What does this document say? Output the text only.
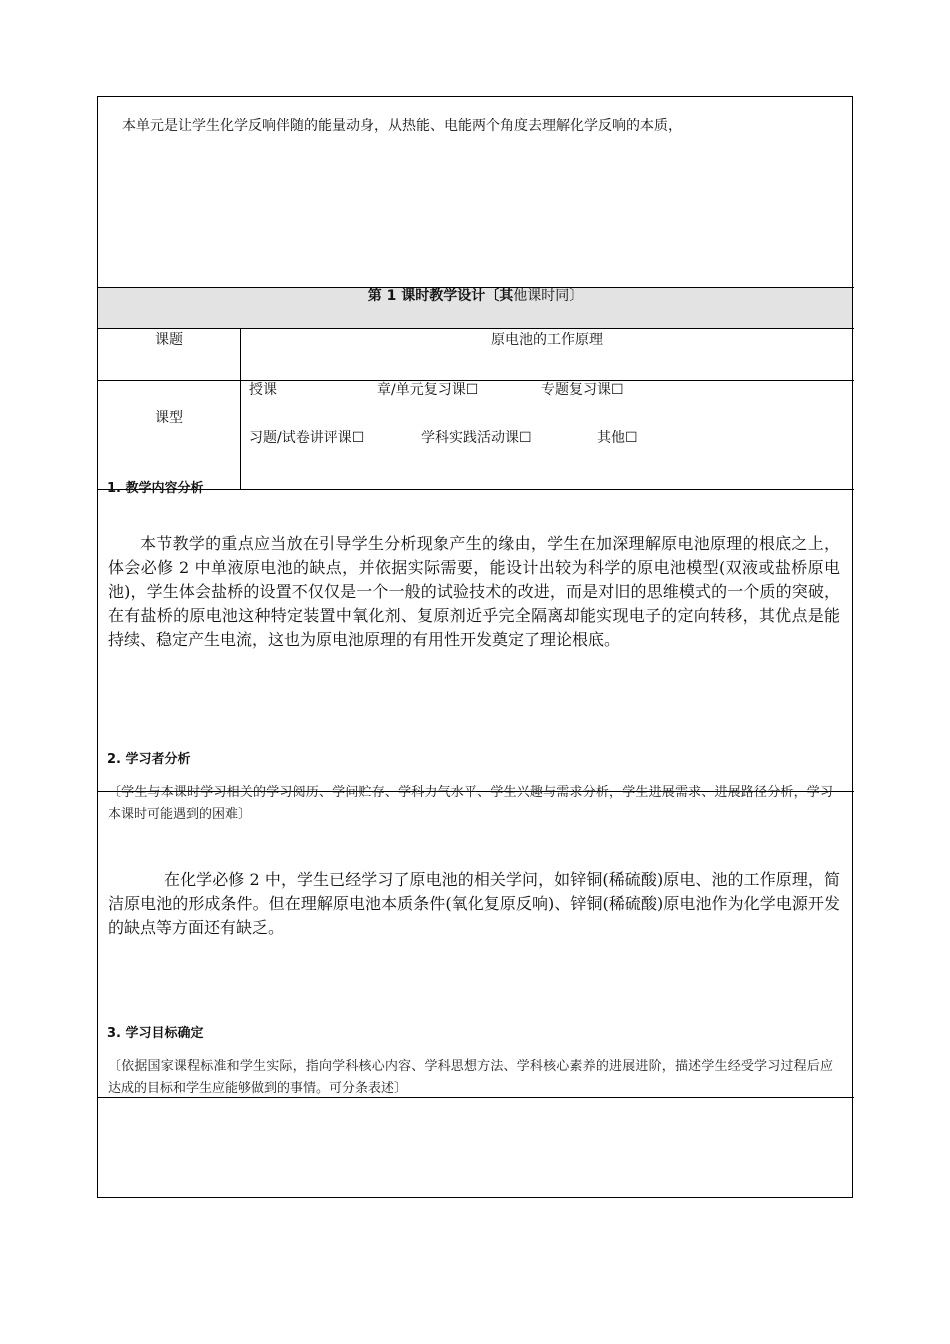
本单元是让学生化学反响伴随的能量动身，从热能、电能两个角度去理解化学反响的本质，
第 1 课时教学设计〔其他课时同〕
课题	原电池的工作原理
课型
授课	章/单元复习课☐	专题复习课☐
习题/试卷讲评课☐	学科实践活动课☐	其他☐
1. 教学内容分析
本节教学的重点应当放在引导学生分析现象产生的缘由，学生在加深理解原电池原理的根底之上，体会必修 2 中单液原电池的缺点，并依据实际需要，能设计出较为科学的原电池模型(双液或盐桥原电池)，学生体会盐桥的设置不仅仅是一个一般的试验技术的改进，而是对旧的思维模式的一个质的突破，在有盐桥的原电池这种特定装置中氧化剂、复原剂近乎完全隔离却能实现电子的定向转移，其优点是能持续、稳定产生电流，这也为原电池原理的有用性开发奠定了理论根底。
2. 学习者分析
〔学生与本课时学习相关的学习阅历、学问贮存、学科力气水平、学生兴趣与需求分析，学生进展需求、进展路径分析，学习本课时可能遇到的困难〕
在化学必修 2 中，学生已经学习了原电池的相关学问，如锌铜(稀硫酸)原电、池的工作原理，简洁原电池的形成条件。但在理解原电池本质条件(氧化复原反响)、锌铜(稀硫酸)原电池作为化学电源开发的缺点等方面还有缺乏。
3. 学习目标确定
〔依据国家课程标准和学生实际，指向学科核心内容、学科思想方法、学科核心素养的进展进阶，描述学生经受学习过程后应达成的目标和学生应能够做到的事情。可分条表述〕
